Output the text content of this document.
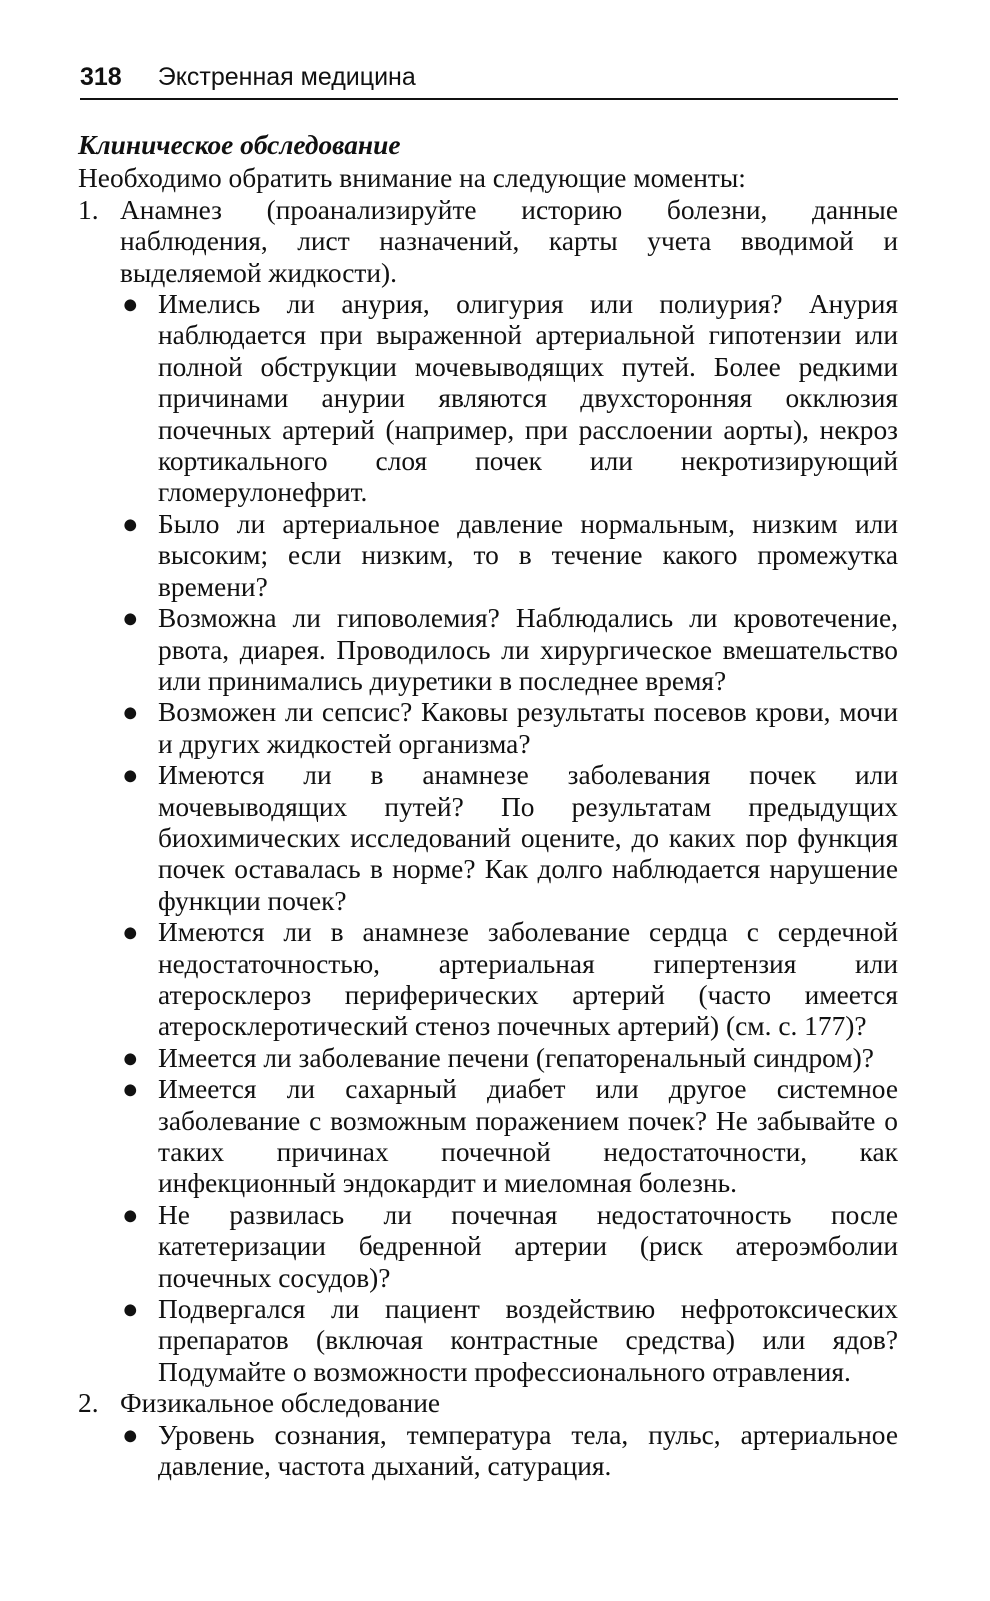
318 Экстренная медицина
Клиническое обследование

Необходимо обратить внимание на следующие моменты:

1. Анамнез (проанализируйте историю болезни, данные наблюдения, лист назначений, карты учета вводимой и выделяемой жидкости).
● Имелись ли анурия, олигурия или полиурия? Анурия наблюдается при выраженной артериальной гипотензии или полной обструкции мочевыводящих путей. Более редкими причинами анурии являются двухсторонняя окклюзия почечных артерий (например, при расслоении аорты), некроз кортикального слоя почек или некротизирующий гломерулонефрит.
● Было ли артериальное давление нормальным, низким или высоким; если низким, то в течение какого промежутка времени?
● Возможна ли гиповолемия? Наблюдались ли кровотечение, рвота, диарея. Проводилось ли хирургическое вмешательство или принимались диуретики в последнее время?
● Возможен ли сепсис? Каковы результаты посевов крови, мочи и других жидкостей организма?
● Имеются ли в анамнезе заболевания почек или мочевыводящих путей? По результатам предыдущих биохимических исследований оцените, до каких пор функция почек оставалась в норме? Как долго наблюдается нарушение функции почек?
● Имеются ли в анамнезе заболевание сердца с сердечной недостаточностью, артериальная гипертензия или атеросклероз периферических артерий (часто имеется атеросклеротический стеноз почечных артерий) (см. с. 177)?
● Имеется ли заболевание печени (гепаторенальный синдром)?
● Имеется ли сахарный диабет или другое системное заболевание с возможным поражением почек? Не забывайте о таких причинах почечной недостаточности, как инфекционный эндокардит и миеломная болезнь.
● Не развилась ли почечная недостаточность после катетеризации бедренной артерии (риск атероэмболии почечных сосудов)?
● Подвергался ли пациент воздействию нефротоксических препаратов (включая контрастные средства) или ядов? Подумайте о возможности профессионального отравления.
2. Физикальное обследование
● Уровень сознания, температура тела, пульс, артериальное давление, частота дыханий, сатурация.
